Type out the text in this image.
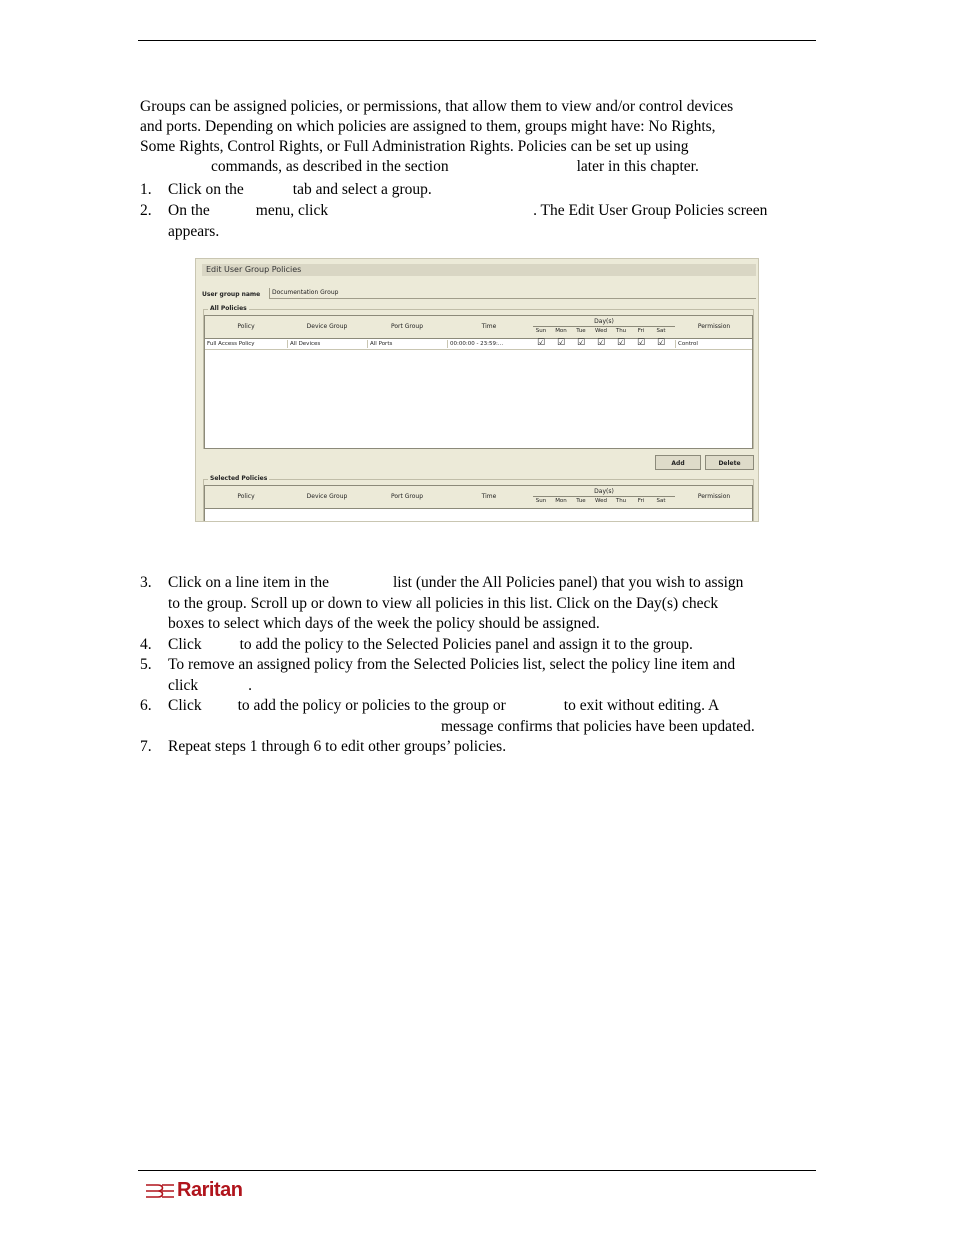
Groups can be assigned policies, or permissions, that allow them to view and/or control devices
and ports. Depending on which policies are assigned to them, groups might have: No Rights,
Some Rights, Control Rights, or Full Administration Rights. Policies can be set up using
commands, as described in the section	later in this chapter.
1.	Click on the	tab and select a group.
2.	On the	menu, click	. The Edit User Group Policies screen
appears.
Edit User Group Policies
User group name	Documentation Group
All Policies
Policy	Device Group	Port Group	Time
Day(s)
Sun	Mon	Tue	Wed	Thu	Fri	Sat
Permission
Full Access Policy	All Devices	All Ports	00:00:00 - 23:59:...	☑ ☑ ☑ ☑ ☑ ☑ ☑	Control
Add	Delete
Selected Policies
Policy	Device Group	Port Group	Time
Day(s)
Sun	Mon	Tue	Wed	Thu	Fri	Sat
Permission
3.	Click on a line item in the	list (under the All Policies panel) that you wish to assign
to the group. Scroll up or down to view all policies in this list. Click on the Day(s) check
boxes to select which days of the week the policy should be assigned.
4.	Click to add the policy to the Selected Policies panel and assign it to the group.
5.	To remove an assigned policy from the Selected Policies list, select the policy line item and
click	.
6.	Click to add the policy or policies to the group or	to exit without editing. A
message confirms that policies have been updated.
7.	Repeat steps 1 through 6 to edit other groups’ policies.
Raritan
